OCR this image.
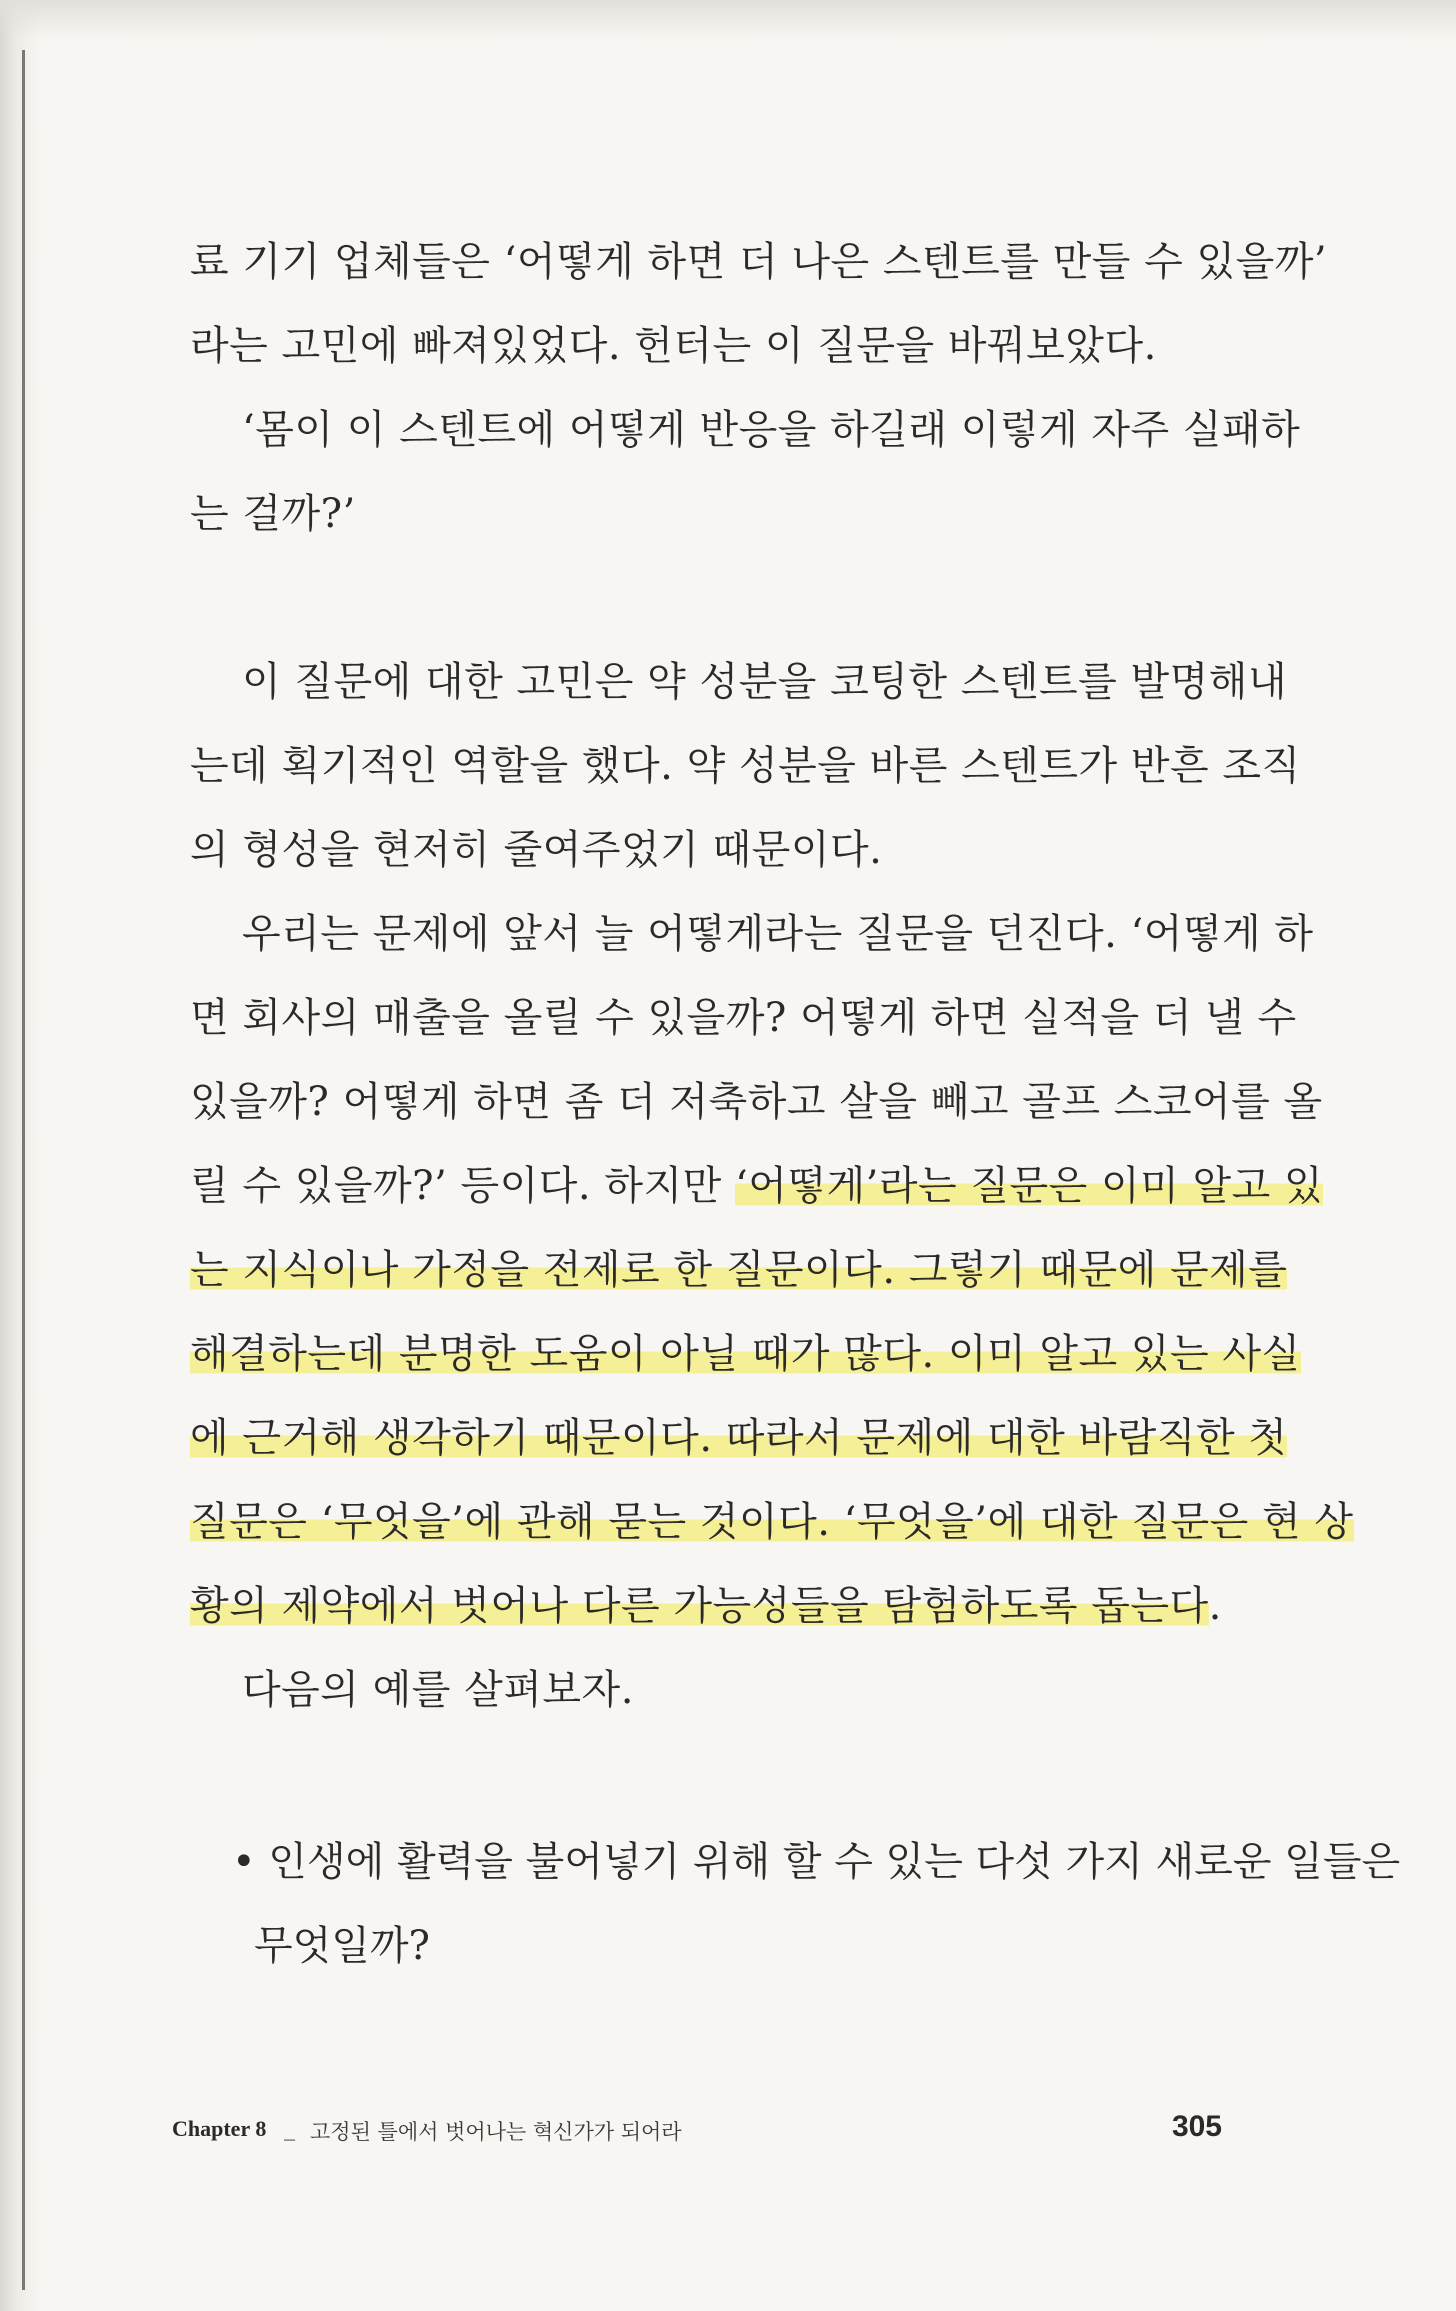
료 기기 업체들은 ‘어떻게 하면 더 나은 스텐트를 만들 수 있을까’
라는 고민에 빠져있었다. 헌터는 이 질문을 바꿔보았다.
‘몸이 이 스텐트에 어떻게 반응을 하길래 이렇게 자주 실패하
는 걸까?’
이 질문에 대한 고민은 약 성분을 코팅한 스텐트를 발명해내
는데 획기적인 역할을 했다. 약 성분을 바른 스텐트가 반흔 조직
의 형성을 현저히 줄여주었기 때문이다.
우리는 문제에 앞서 늘 어떻게라는 질문을 던진다. ‘어떻게 하
면 회사의 매출을 올릴 수 있을까? 어떻게 하면 실적을 더 낼 수
있을까? 어떻게 하면 좀 더 저축하고 살을 빼고 골프 스코어를 올
릴 수 있을까?’ 등이다. 하지만 ‘어떻게’라는 질문은 이미 알고 있
는 지식이나 가정을 전제로 한 질문이다. 그렇기 때문에 문제를
해결하는데 분명한 도움이 아닐 때가 많다. 이미 알고 있는 사실
에 근거해 생각하기 때문이다. 따라서 문제에 대한 바람직한 첫
질문은 ‘무엇을’에 관해 묻는 것이다. ‘무엇을’에 대한 질문은 현 상
황의 제약에서 벗어나 다른 가능성들을 탐험하도록 돕는다.
다음의 예를 살펴보자.
• 인생에 활력을 불어넣기 위해 할 수 있는 다섯 가지 새로운 일들은
무엇일까?
Chapter 8 _ 고정된 틀에서 벗어나는 혁신가가 되어라	305
